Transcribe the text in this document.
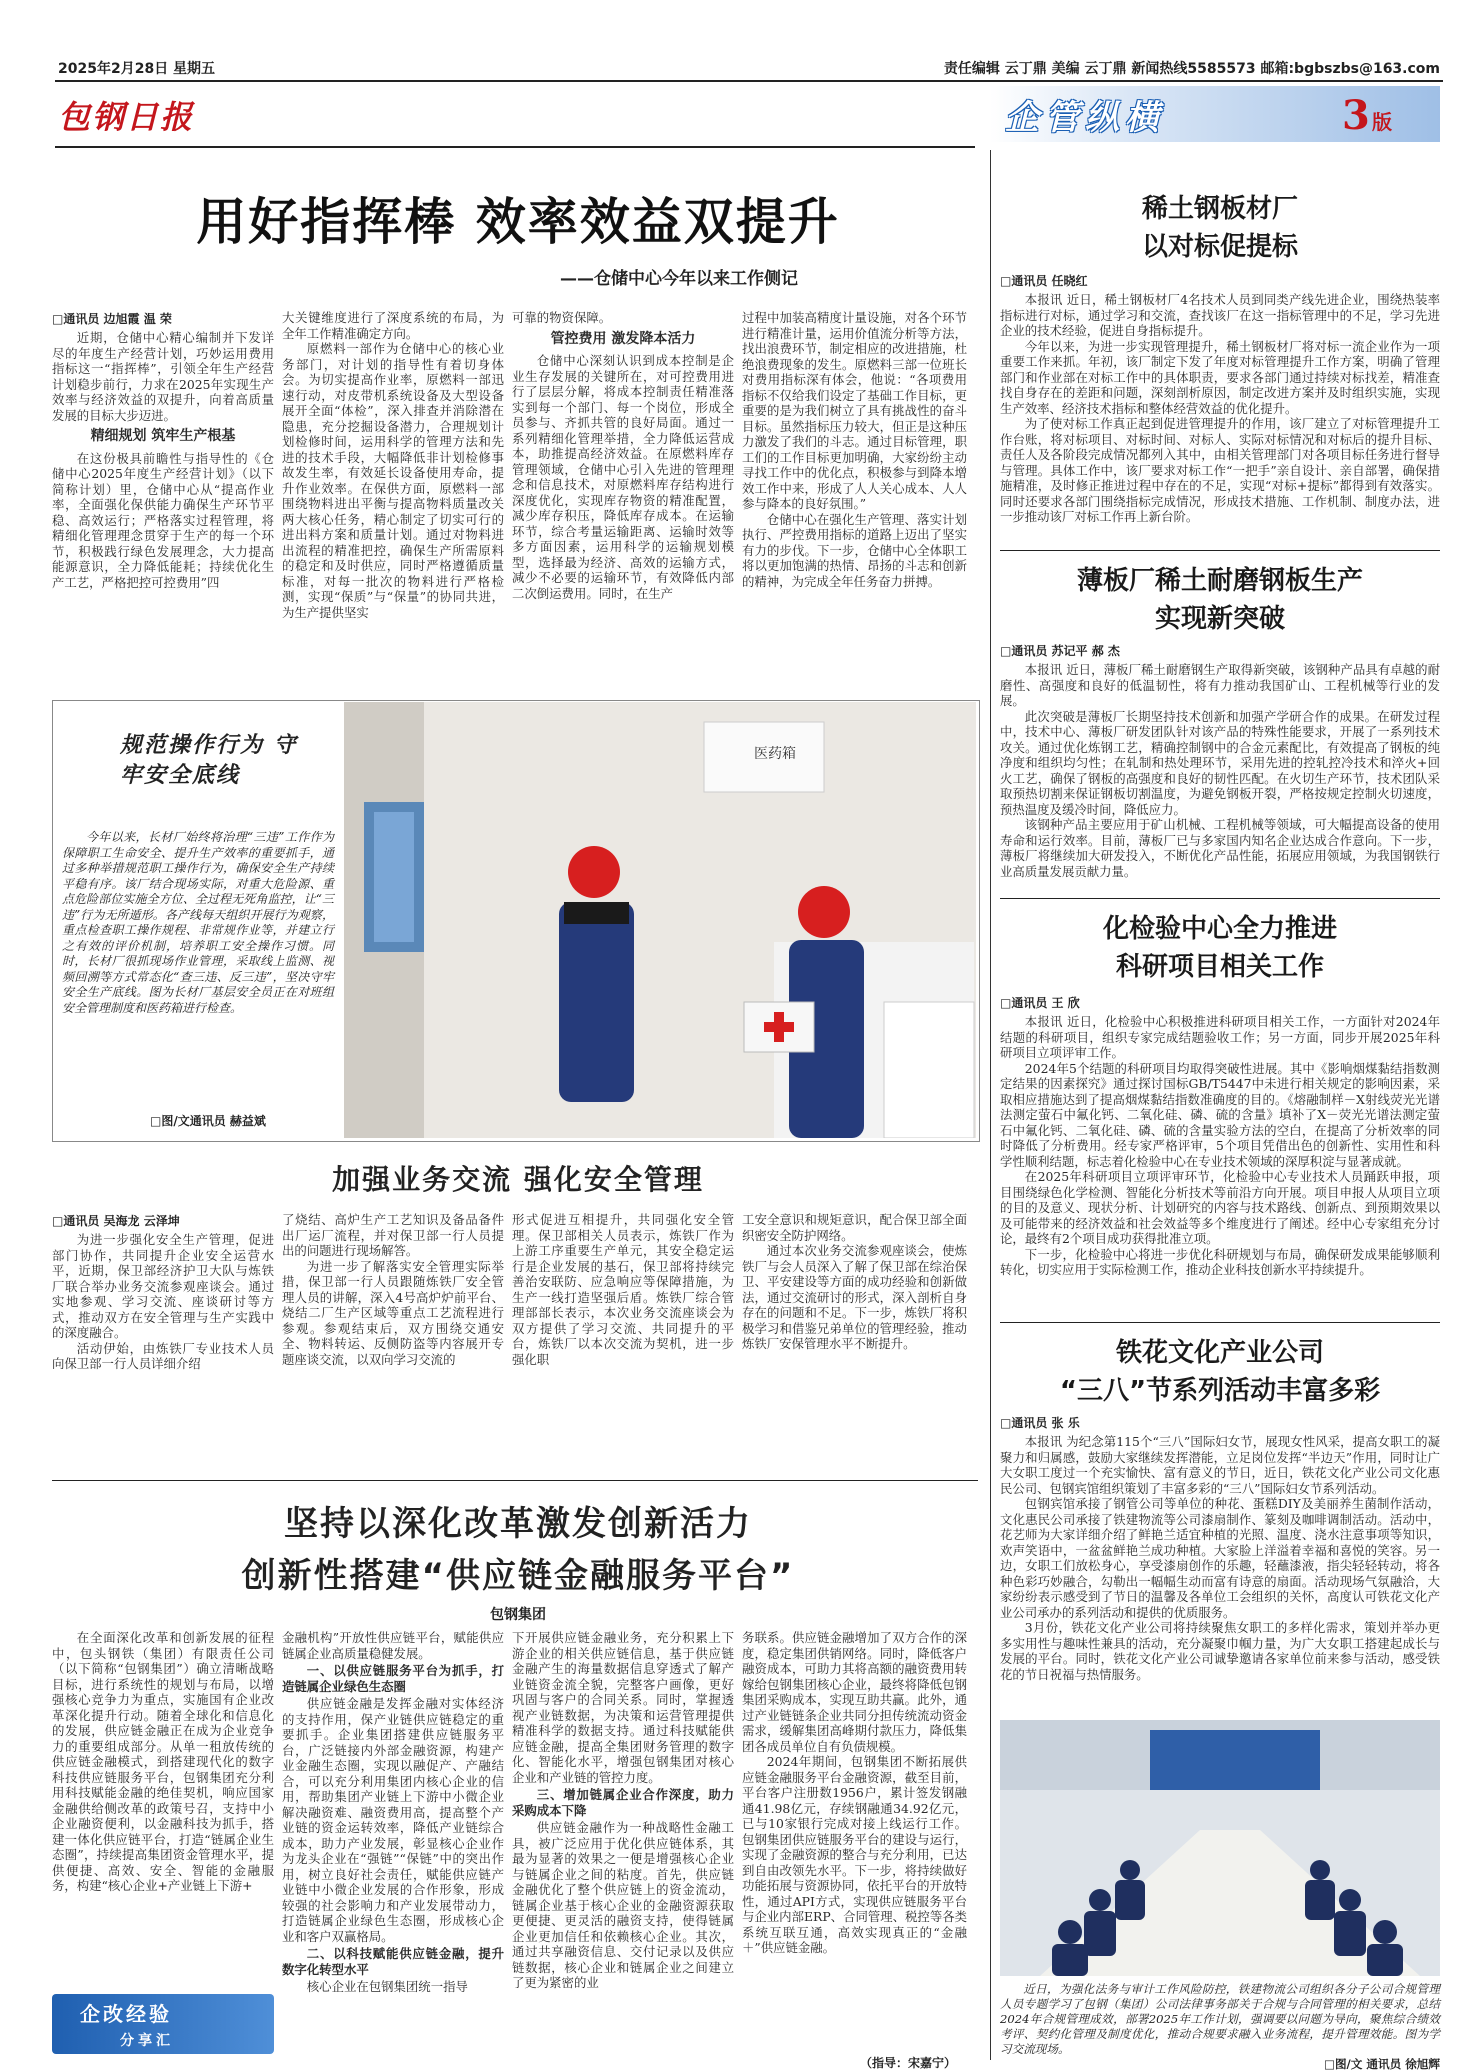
2025年2月28日 星期五	责任编辑 云丁鼎 美编 云丁鼎 新闻热线5585573 邮箱:bgbszbs@163.com
包钢日报	企管纵横	3 版
用好指挥棒 效率效益双提升
——仓储中心今年以来工作侧记
□通讯员 边旭霞 温 荣

近期，仓储中心精心编制并下发详尽的年度生产经营计划，巧妙运用费用指标这一“指挥棒”，引领全年生产经营计划稳步前行，力求在2025年实现生产效率与经济效益的双提升，向着高质量发展的目标大步迈进。

精细规划 筑牢生产根基

在这份极具前瞻性与指导性的《仓储中心2025年度生产经营计划》（以下简称计划）里，仓储中心从“提高作业率，全面强化保供能力确保生产环节平稳、高效运行；严格落实过程管理，将精细化管理理念贯穿于生产的每一个环节，积极践行绿色发展理念，大力提高能源意识，全力降低能耗；持续优化生产工艺，严格把控可控费用”四

大关键维度进行了深度系统的布局，为全年工作精准确定方向。

原燃料一部作为仓储中心的核心业务部门，对计划的指导性有着切身体会。为切实提高作业率，原燃料一部迅速行动，对皮带机系统设备及大型设备展开全面“体检”，深入排查并消除潜在隐患，充分挖掘设备潜力，合理规划计划检修时间，运用科学的管理方法和先进的技术手段，大幅降低非计划检修事故发生率，有效延长设备使用寿命，提升作业效率。在保供方面，原燃料一部围绕物料进出平衡与提高物料质量改关两大核心任务，精心制定了切实可行的进出料方案和质量计划。通过对物料进出流程的精准把控，确保生产所需原料的稳定和及时供应，同时严格遵循质量标准，对每一批次的物料进行严格检测，实现“保质”与“保量”的协同共进，为生产提供坚实

可靠的物资保障。

管控费用 激发降本活力

仓储中心深刻认识到成本控制是企业生存发展的关键所在，对可控费用进行了层层分解，将成本控制责任精准落实到每一个部门、每一个岗位，形成全员参与、齐抓共管的良好局面。通过一系列精细化管理举措，全力降低运营成本，助推提高经济效益。在原燃料库存管理领域，仓储中心引入先进的管理理念和信息技术，对原燃料库存结构进行深度优化，实现库存物资的精准配置，减少库存积压，降低库存成本。在运输环节，综合考量运输距离、运输时效等多方面因素，运用科学的运输规划模型，选择最为经济、高效的运输方式，减少不必要的运输环节，有效降低内部二次倒运费用。同时，在生产

过程中加装高精度计量设施，对各个环节进行精准计量，运用价值流分析等方法，找出浪费环节，制定相应的改进措施，杜绝浪费现象的发生。原燃料三部一位班长对费用指标深有体会，他说：“各项费用指标不仅给我们设定了基础工作目标，更重要的是为我们树立了具有挑战性的奋斗目标。虽然指标压力较大，但正是这种压力激发了我们的斗志。通过目标管理，职工们的工作目标更加明确，大家纷纷主动寻找工作中的优化点，积极参与到降本增效工作中来，形成了人人关心成本、人人参与降本的良好氛围。”

仓储中心在强化生产管理、落实计划执行、严控费用指标的道路上迈出了坚实有力的步伐。下一步，仓储中心全体职工将以更加饱满的热情、昂扬的斗志和创新的精神，为完成全年任务奋力拼搏。

医药箱
规范操作行为 守牢安全底线

今年以来，长材厂始终将治理“三违”工作作为保障职工生命安全、提升生产效率的重要抓手，通过多种举措规范职工操作行为，确保安全生产持续平稳有序。该厂结合现场实际，对重大危险源、重点危险部位实施全方位、全过程无死角监控，让“三违”行为无所遁形。各产线每天组织开展行为观察，重点检查职工操作规程、非常规作业等，并建立行之有效的评价机制，培养职工安全操作习惯。同时，长材厂很抓现场作业管理，采取线上监测、视频回溯等方式常态化“查三违、反三违”，坚决守牢安全生产底线。图为长材厂基层安全员正在对班组安全管理制度和医药箱进行检查。

□图/文通讯员 赫益斌
加强业务交流 强化安全管理
□通讯员 吴海龙 云泽坤

为进一步强化安全生产管理，促进部门协作，共同提升企业安全运营水平，近期，保卫部经济护卫大队与炼铁厂联合举办业务交流参观座谈会。通过实地参观、学习交流、座谈研讨等方式，推动双方在安全管理与生产实践中的深度融合。

活动伊始，由炼铁厂专业技术人员向保卫部一行人员详细介绍

了烧结、高炉生产工艺知识及备品备件出厂运厂流程，并对保卫部一行人员提出的问题进行现场解答。

为进一步了解落实安全管理实际举措，保卫部一行人员跟随炼铁厂安全管理人员的讲解，深入4号高炉炉前平台、烧结二厂生产区域等重点工艺流程进行参观。参观结束后，双方围绕交通安全、物料转运、反侧防盗等内容展开专题座谈交流，以双向学习交流的

形式促进互相提升，共同强化安全管理。保卫部相关人员表示，炼铁厂作为上游工序重要生产单元，其安全稳定运行是企业发展的基石，保卫部将持续完善治安联防、应急响应等保障措施，为生产一线打造坚强后盾。炼铁厂综合管理部部长表示，本次业务交流座谈会为双方提供了学习交流、共同提升的平台，炼铁厂以本次交流为契机，进一步强化职

工安全意识和规矩意识，配合保卫部全面织密安全防护网络。

通过本次业务交流参观座谈会，使炼铁厂与会人员深入了解了保卫部在综治保卫、平安建设等方面的成功经验和创新做法，通过交流研讨的形式，深入剖析自身存在的问题和不足。下一步，炼铁厂将积极学习和借鉴兄弟单位的管理经验，推动炼铁厂安保管理水平不断提升。

坚持以深化改革激发创新活力
创新性搭建“供应链金融服务平台”
包钢集团

在全面深化改革和创新发展的征程中，包头钢铁（集团）有限责任公司（以下简称“包钢集团”）确立清晰战略目标，进行系统性的规划与布局，以增强核心竞争力为重点，实施国有企业改革深化提升行动。随着全球化和信息化的发展，供应链金融正在成为企业竞争力的重要组成部分。从单一租放传统的供应链金融模式，到搭建现代化的数字科技供应链服务平台，包钢集团充分利用科技赋能金融的绝佳契机，响应国家金融供给侧改革的政策号召，支持中小企业融资便利，以金融科技为抓手，搭建一体化供应链平台，打造“链属企业生态圈”，持续提高集团资金管理水平，提供便捷、高效、安全、智能的金融服务，构建“核心企业+产业链上下游+

企改经验
分享汇

金融机构”开放性供应链平台，赋能供应链属企业高质量稳健发展。

一、以供应链服务平台为抓手，打造链属企业绿色生态圈

供应链金融是发挥金融对实体经济的支持作用，保产业链供应链稳定的重要抓手。企业集团搭建供应链服务平台，广泛链接内外部金融资源，构建产业金融生态圈，实现以融促产、产融结合，可以充分利用集团内核心企业的信用，帮助集团产业链上下游中小微企业解决融资难、融资费用高，提高整个产业链的资金运转效率，降低产业链综合成本，助力产业发展，彰显核心企业作为龙头企业在“强链”“保链”中的突出作用，树立良好社会责任，赋能供应链产业链中小微企业发展的合作形象，形成较强的社会影响力和产业发展带动力，打造链属企业绿色生态圈，形成核心企业和客户双赢格局。

二、以科技赋能供应链金融，提升数字化转型水平

核心企业在包钢集团统一指导

下开展供应链金融业务，充分积累上下游企业的相关供应链信息，基于供应链金融产生的海量数据信息穿透式了解产业链资金流全貌，完整客户画像，更好巩固与客户的合同关系。同时，掌握透视产业链数据，为决策和运营管理提供精准科学的数据支持。通过科技赋能供应链金融，提高全集团财务管理的数字化、智能化水平，增强包钢集团对核心企业和产业链的管控力度。

三、增加链属企业合作深度，助力采购成本下降

供应链金融作为一种战略性金融工具，被广泛应用于优化供应链体系，其最为显著的效果之一便是增强核心企业与链属企业之间的粘度。首先，供应链金融优化了整个供应链上的资金流动，链属企业基于核心企业的金融资源获取更便捷、更灵活的融资支持，使得链属企业更加信任和依赖核心企业。其次，通过共享融资信息、交付记录以及供应链数据，核心企业和链属企业之间建立了更为紧密的业

务联系。供应链金融增加了双方合作的深度，稳定集团供销网络。同时，降低客户融资成本，可助力其将高额的融资费用转嫁给包钢集团核心企业，最终将降低包钢集团采购成本，实现互助共赢。此外，通过产业链链条企业共同分担传统流动资金需求，缓解集团高峰期付款压力，降低集团各成员单位自有负债规模。

2024年期间，包钢集团不断拓展供应链金融服务平台金融资源，截至目前，平台客户注册数1956户，累计签发钢融通41.98亿元，存续钢融通34.92亿元，已与10家银行完成对接上线运行工作。包钢集团供应链服务平台的建设与运行，实现了金融资源的整合与充分利用，已达到自由改领先水平。下一步，将持续做好功能拓展与资源协同，依托平台的开放特性，通过API方式，实现供应链服务平台与企业内部ERP、合同管理、税控等各类系统互联互通，高效实现真正的“金融＋”供应链金融。

（指导：宋嘉宁）
稀土钢板材厂
以对标促提标
□通讯员 任晓红

本报讯 近日，稀土钢板材厂4名技术人员到同类产线先进企业，围绕热装率指标进行对标，通过学习和交流，查找该厂在这一指标管理中的不足，学习先进企业的技术经验，促进自身指标提升。

今年以来，为进一步实现管理提升，稀土钢板材厂将对标一流企业作为一项重要工作来抓。年初，该厂制定下发了年度对标管理提升工作方案，明确了管理部门和作业部在对标工作中的具体职责，要求各部门通过持续对标找差，精准查找自身存在的差距和问题，深刻剖析原因，制定改进方案并及时组织实施，实现生产效率、经济技术指标和整体经营效益的优化提升。

为了使对标工作真正起到促进管理提升的作用，该厂建立了对标管理提升工作台账，将对标项目、对标时间、对标人、实际对标情况和对标后的提升目标、责任人及各阶段完成情况都列入其中，由相关管理部门对各项目标任务进行督导与管理。具体工作中，该厂要求对标工作“一把手”亲自设计、亲自部署，确保措施精准，及时修正推进过程中存在的不足，实现“对标+提标”都得到有效落实。同时还要求各部门围绕指标完成情况，形成技术措施、工作机制、制度办法，进一步推动该厂对标工作再上新台阶。

薄板厂稀土耐磨钢板生产
实现新突破
□通讯员 苏记平 郝 杰

本报讯 近日，薄板厂稀土耐磨钢生产取得新突破，该钢种产品具有卓越的耐磨性、高强度和良好的低温韧性，将有力推动我国矿山、工程机械等行业的发展。

此次突破是薄板厂长期坚持技术创新和加强产学研合作的成果。在研发过程中，技术中心、薄板厂研发团队针对该产品的特殊性能要求，开展了一系列技术攻关。通过优化炼钢工艺，精确控制钢中的合金元素配比，有效提高了钢板的纯净度和组织均匀性；在轧制和热处理环节，采用先进的控轧控冷技术和淬火+回火工艺，确保了钢板的高强度和良好的韧性匹配。在火切生产环节，技术团队采取预热切割来保证钢板切割温度，为避免钢板开裂，严格按规定控制火切速度，预热温度及缓冷时间，降低应力。

该钢种产品主要应用于矿山机械、工程机械等领域，可大幅提高设备的使用寿命和运行效率。目前，薄板厂已与多家国内知名企业达成合作意向。下一步，薄板厂将继续加大研发投入，不断优化产品性能，拓展应用领域，为我国钢铁行业高质量发展贡献力量。

化检验中心全力推进
科研项目相关工作
□通讯员 王 欣

本报讯 近日，化检验中心积极推进科研项目相关工作，一方面针对2024年结题的科研项目，组织专家完成结题验收工作；另一方面，同步开展2025年科研项目立项评审工作。

2024年5个结题的科研项目均取得突破性进展。其中《影响烟煤黏结指数测定结果的因素探究》通过探讨国标GB/T5447中未进行相关规定的影响因素，采取相应措施达到了提高烟煤黏结指数准确度的目的。《熔融制样－X射线荧光光谱法测定萤石中氟化钙、二氧化硅、磷、硫的含量》填补了X－荧光光谱法测定萤石中氟化钙、二氧化硅、磷、硫的含量实验方法的空白，在提高了分析效率的同时降低了分析费用。经专家严格评审，5个项目凭借出色的创新性、实用性和科学性顺利结题，标志着化检验中心在专业技术领域的深厚积淀与显著成就。

在2025年科研项目立项评审环节，化检验中心专业技术人员踊跃申报，项目围绕绿色化学检测、智能化分析技术等前沿方向开展。项目申报人从项目立项的目的及意义、现状分析、计划研究的内容与技术路线、创新点、到预期效果以及可能带来的经济效益和社会效益等多个维度进行了阐述。经中心专家组充分讨论，最终有2个项目成功获得批准立项。

下一步，化检验中心将进一步优化科研规划与布局，确保研发成果能够顺利转化，切实应用于实际检测工作，推动企业科技创新水平持续提升。

铁花文化产业公司
“三八”节系列活动丰富多彩
□通讯员 张 乐

本报讯 为纪念第115个“三八”国际妇女节，展现女性风采，提高女职工的凝聚力和归属感，鼓励大家继续发挥潜能，立足岗位发挥“半边天”作用，同时让广大女职工度过一个充实愉快、富有意义的节日，近日，铁花文化产业公司文化惠民公司、包钢宾馆组织策划了丰富多彩的“三八”国际妇女节系列活动。

包钢宾馆承接了钢管公司等单位的种花、蛋糕DIY及美丽养生菌制作活动，文化惠民公司承接了铁建物流等公司漆扇制作、篆刻及咖啡调制活动。活动中，花艺师为大家详细介绍了鲜艳兰适宜种植的光照、温度、浇水注意事项等知识，欢声笑语中，一盆盆鲜艳兰成功种植。大家脸上洋溢着幸福和喜悦的笑容。另一边，女职工们放松身心，享受漆扇创作的乐趣，轻蘸漆液，指尖轻轻转动，将各种色彩巧妙融合，勾勒出一幅幅生动而富有诗意的扇面。活动现场气氛融洽，大家纷纷表示感受到了节日的温馨及各单位工会组织的关怀，高度认可铁花文化产业公司承办的系列活动和提供的优质服务。

3月份，铁花文化产业公司将持续聚焦女职工的多样化需求，策划并举办更多实用性与趣味性兼具的活动，充分凝聚巾帼力量，为广大女职工搭建起成长与发展的平台。同时，铁花文化产业公司诚挚邀请各家单位前来参与活动，感受铁花的节日祝福与热情服务。

近日，为强化法务与审计工作风险防控，铁建物流公司组织各分子公司合规管理人员专题学习了包钢（集团）公司法律事务部关于合规与合同管理的相关要求，总结2024年合规管理成效，部署2025年工作计划，强调要以问题为导向，聚焦综合绩效考评、契约化管理及制度优化，推动合规要求融入业务流程，提升管理效能。图为学习交流现场。
□图/文 通讯员 徐旭辉
